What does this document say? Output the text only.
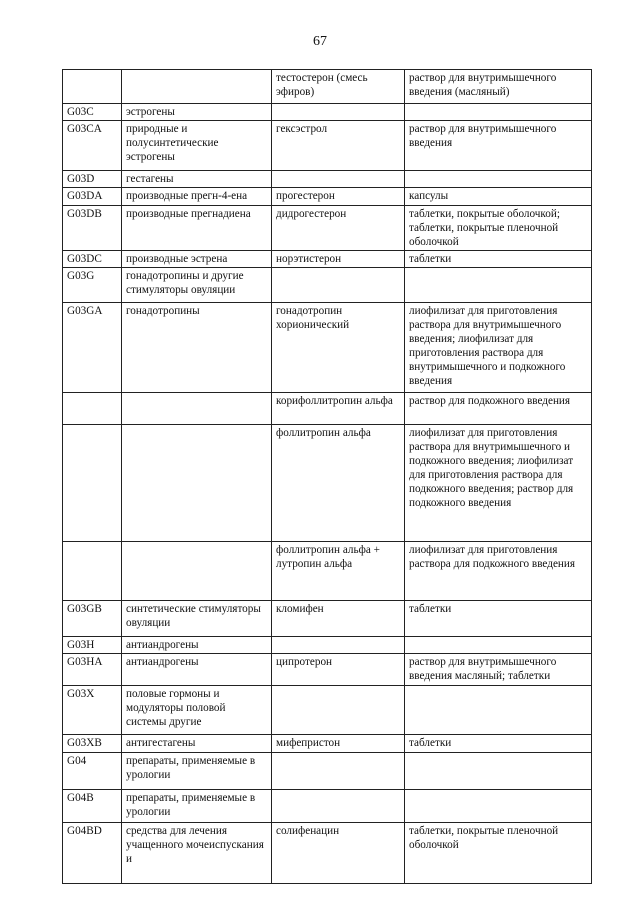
67
		тестостерон (смесь эфиров)	раствор для внутримышечного введения (масляный)
G03C	эстрогены		
G03CA	природные и полусинтетические эстрогены	гексэстрол	раствор для внутримышечного введения
G03D	гестагены		
G03DA	производные прегн-4-ена	прогестерон	капсулы
G03DB	производные прегнадиена	дидрогестерон	таблетки, покрытые оболочкой; таблетки, покрытые пленочной оболочкой
G03DC	производные эстрена	норэтистерон	таблетки
G03G	гонадотропины и другие стимуляторы овуляции		
G03GA	гонадотропины	гонадотропин хорионический	лиофилизат для приготовления раствора для внутримышечного введения; лиофилизат для приготовления раствора для внутримышечного и подкожного введения
		корифоллитропин альфа	раствор для подкожного введения
		фоллитропин альфа	лиофилизат для приготовления раствора для внутримышечного и подкожного введения; лиофилизат для приготовления раствора для подкожного введения; раствор для подкожного введения
		фоллитропин альфа + лутропин альфа	лиофилизат для приготовления раствора для подкожного введения
G03GB	синтетические стимуляторы овуляции	кломифен	таблетки
G03H	антиандрогены		
G03HA	антиандрогены	ципротерон	раствор для внутримышечного введения масляный; таблетки
G03X	половые гормоны и модуляторы половой системы другие		
G03XB	антигестагены	мифепристон	таблетки
G04	препараты, применяемые в урологии		
G04B	препараты, применяемые в урологии		
G04BD	средства для лечения учащенного мочеиспускания и	солифенацин	таблетки, покрытые пленочной оболочкой
